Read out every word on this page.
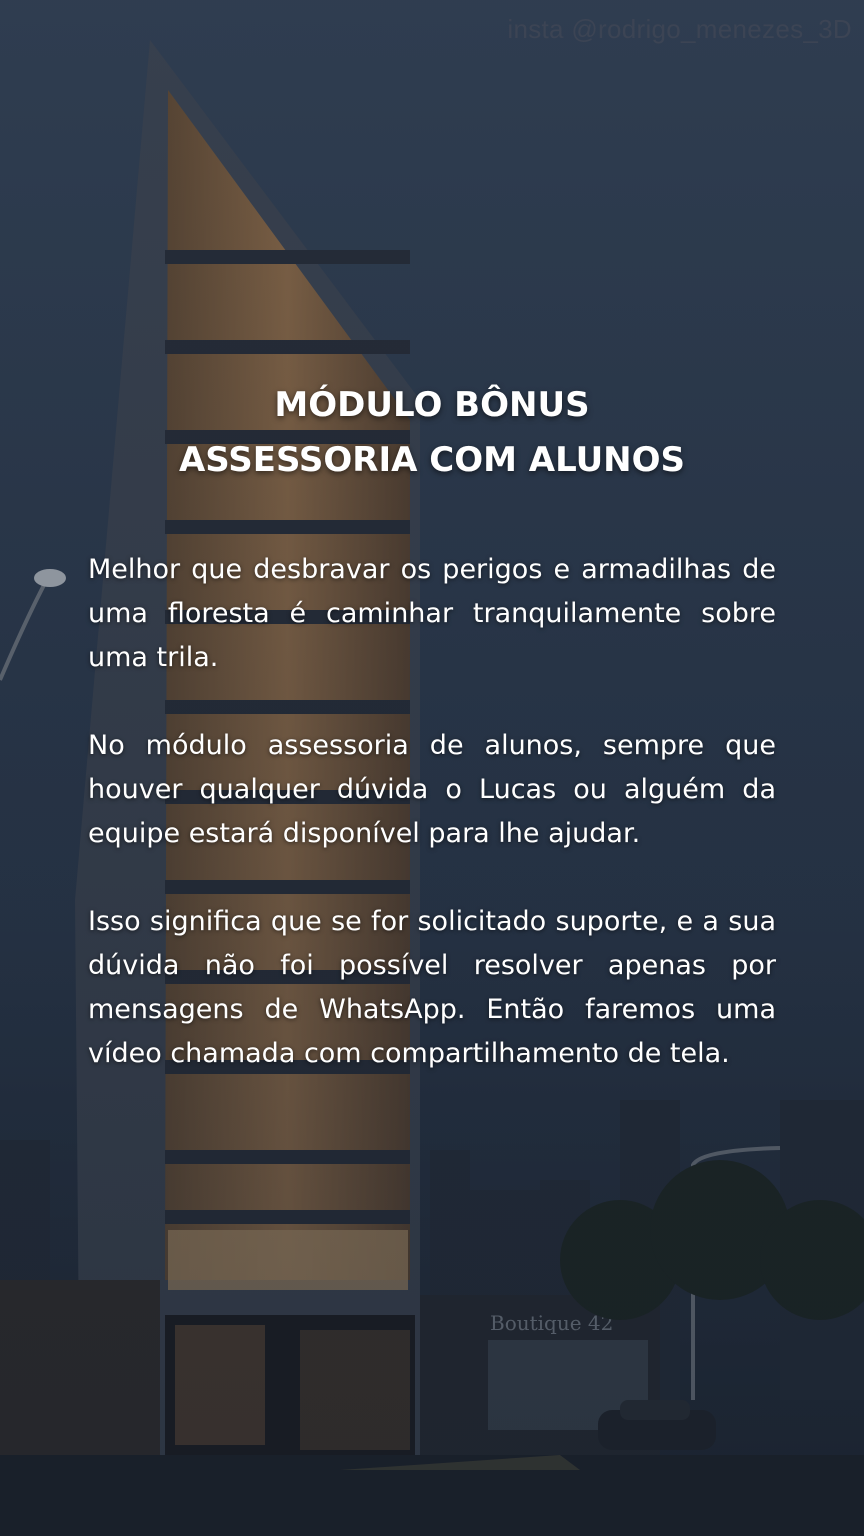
insta @rodrigo_menezes_3D
MÓDULO BÔNUS
ASSESSORIA COM ALUNOS

Melhor que desbravar os perigos e armadilhas de uma floresta é caminhar tranquilamente sobre uma trila.

No módulo assessoria de alunos, sempre que houver qualquer dúvida o Lucas ou alguém da equipe estará disponível para lhe ajudar.

Isso significa que se for solicitado suporte, e a sua dúvida não foi possível resolver apenas por mensagens de WhatsApp. Então faremos uma vídeo chamada com compartilhamento de tela.
